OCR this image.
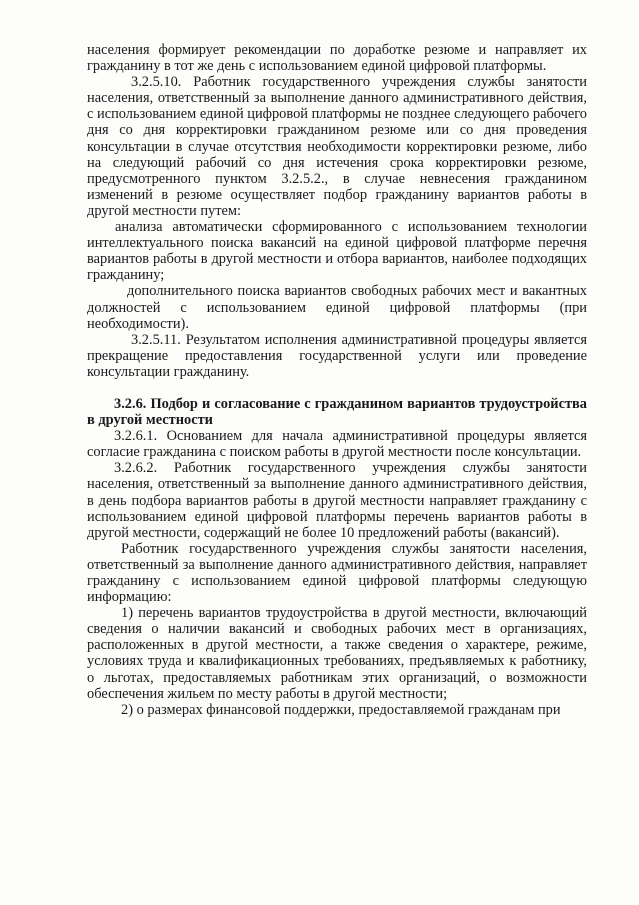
населения формирует рекомендации по доработке резюме и направляет их гражданину в тот же день с использованием единой цифровой платформы.

3.2.5.10. Работник государственного учреждения службы занятости населения, ответственный за выполнение данного административного действия, с использованием единой цифровой платформы не позднее следующего рабочего дня со дня корректировки гражданином резюме или со дня проведения консультации в случае отсутствия необходимости корректировки резюме, либо на следующий рабочий со дня истечения срока корректировки резюме, предусмотренного пунктом 3.2.5.2., в случае невнесения гражданином изменений в резюме осуществляет подбор гражданину вариантов работы в другой местности путем:

анализа автоматически сформированного с использованием технологии интеллектуального поиска вакансий на единой цифровой платформе перечня вариантов работы в другой местности и отбора вариантов, наиболее подходящих гражданину;

дополнительного поиска вариантов свободных рабочих мест и вакантных должностей с использованием единой цифровой платформы (при необходимости).

3.2.5.11. Результатом исполнения административной процедуры является прекращение предоставления государственной услуги или проведение консультации гражданину.

3.2.6. Подбор и согласование с гражданином вариантов трудоустройства в другой местности

3.2.6.1. Основанием для начала административной процедуры является согласие гражданина с поиском работы в другой местности после консультации.

3.2.6.2. Работник государственного учреждения службы занятости населения, ответственный за выполнение данного административного действия, в день подбора вариантов работы в другой местности направляет гражданину с использованием единой цифровой платформы перечень вариантов работы в другой местности, содержащий не более 10 предложений работы (вакансий).

Работник государственного учреждения службы занятости населения, ответственный за выполнение данного административного действия, направляет гражданину с использованием единой цифровой платформы следующую информацию:

1) перечень вариантов трудоустройства в другой местности, включающий сведения о наличии вакансий и свободных рабочих мест в организациях, расположенных в другой местности, а также сведения о характере, режиме, условиях труда и квалификационных требованиях, предъявляемых к работнику, о льготах, предоставляемых работникам этих организаций, о возможности обеспечения жильем по месту работы в другой местности;

2) о размерах финансовой поддержки, предоставляемой гражданам при
